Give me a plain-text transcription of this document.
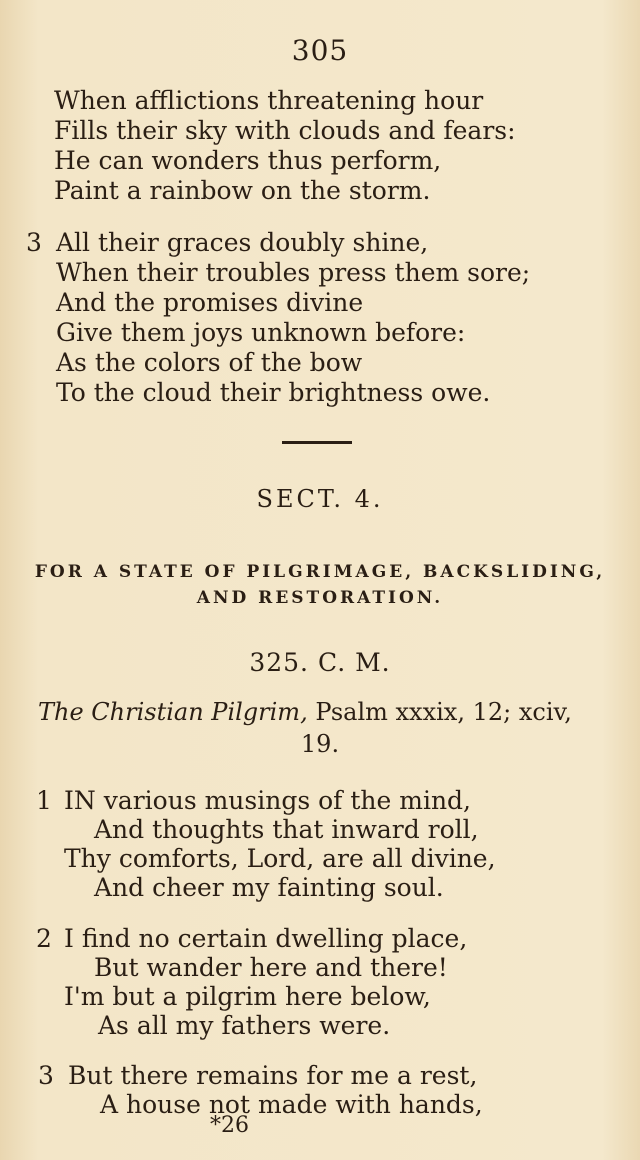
305
When afflictions threatening hour
Fills their sky with clouds and fears:
He can wonders thus perform,
Paint a rainbow on the storm.
3 All their graces doubly shine,
When their troubles press them sore;
And the promises divine
Give them joys unknown before:
As the colors of the bow
To the cloud their brightness owe.
SECT. 4.
FOR A STATE OF PILGRIMAGE, BACKSLIDING,
AND RESTORATION.
325. C. M.
The Christian Pilgrim, Psalm xxxix, 12; xciv,
19.
1 IN various musings of the mind,
And thoughts that inward roll,
Thy comforts, Lord, are all divine,
And cheer my fainting soul.
2 I find no certain dwelling place,
But wander here and there!
I'm but a pilgrim here below,
As all my fathers were.
3 But there remains for me a rest,
A house not made with hands,
*26
